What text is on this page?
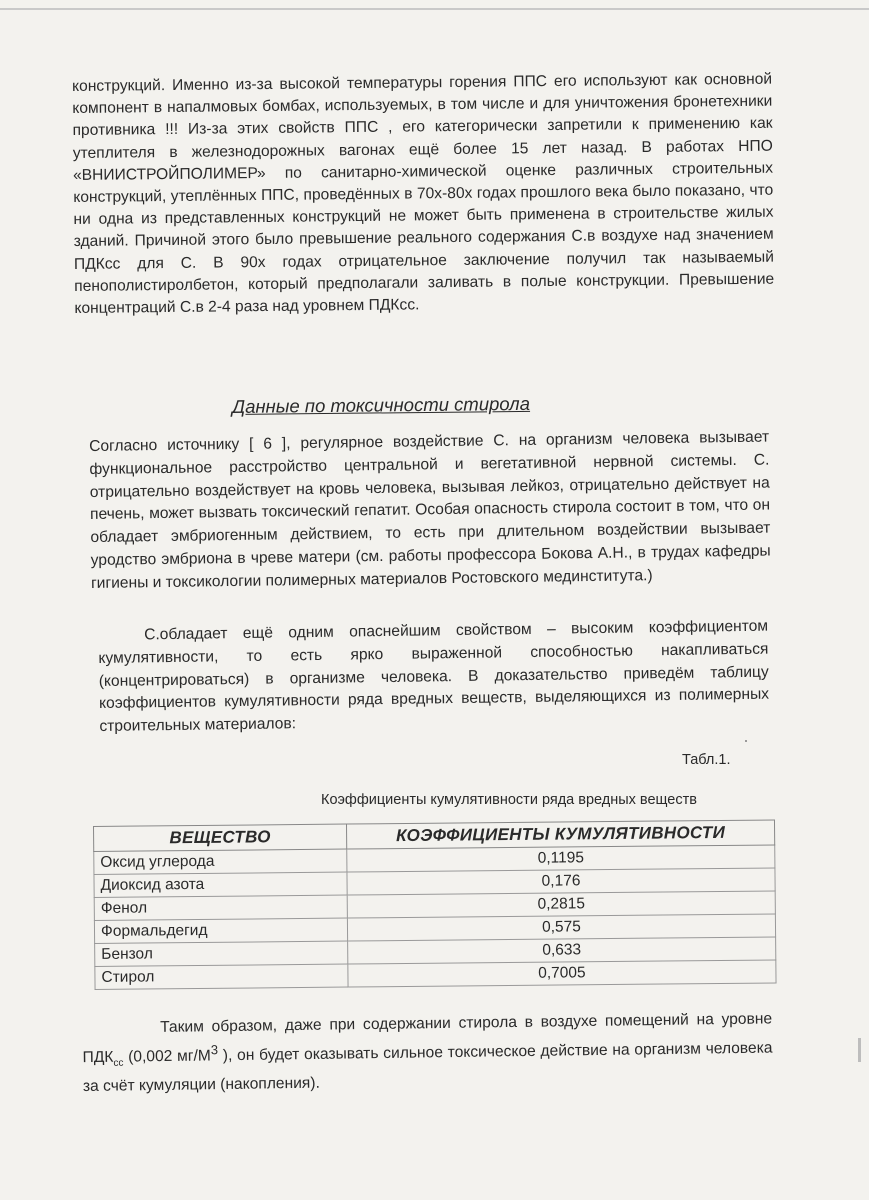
конструкций. Именно из-за высокой температуры горения ППС его используют как основной компонент в напалмовых бомбах, используемых, в том числе и для уничтожения бронетехники противника !!! Из-за этих свойств ППС , его категорически запретили к применению как утеплителя в железнодорожных вагонах ещё более 15 лет назад. В работах НПО «ВНИИСТРОЙПОЛИМЕР» по санитарно-химической оценке различных строительных конструкций, утеплённых ППС, проведённых в 70х-80х годах прошлого века было показано, что ни одна из представленных конструкций не может быть применена в строительстве жилых зданий. Причиной этого было превышение реального содержания С.в воздухе над значением ПДКсс для С. В 90х годах отрицательное заключение получил так называемый пенополистиролбетон, который предполагали заливать в полые конструкции. Превышение концентраций С.в 2-4 раза над уровнем ПДКсс.
Данные по токсичности стирола
Согласно источнику [ 6 ], регулярное воздействие С. на организм человека вызывает функциональное расстройство центральной и вегетативной нервной системы. С. отрицательно воздействует на кровь человека, вызывая лейкоз, отрицательно действует на печень, может вызвать токсический гепатит. Особая опасность стирола состоит в том, что он обладает эмбриогенным действием, то есть при длительном воздействии вызывает уродство эмбриона в чреве матери (см. работы профессора Бокова А.Н., в трудах кафедры гигиены и токсикологии полимерных материалов Ростовского мединститута.)
С.обладает ещё одним опаснейшим свойством – высоким коэффициентом кумулятивности, то есть ярко выраженной способностью накапливаться (концентрироваться) в организме человека. В доказательство приведём таблицу коэффициентов кумулятивности ряда вредных веществ, выделяющихся из полимерных строительных материалов:
Табл.1.
Коэффициенты кумулятивности ряда вредных веществ
ВЕЩЕСТВО	КОЭФФИЦИЕНТЫ КУМУЛЯТИВНОСТИ
Оксид углерода	0,1195
Диоксид азота	0,176
Фенол	0,2815
Формальдегид	0,575
Бензол	0,633
Стирол	0,7005
Таким образом, даже при содержании стирола в воздухе помещений на уровне $ПДК_{сс}$ (0,002 $мг/М^3$ ), он будет оказывать сильное токсическое действие на организм человека за счёт кумуляции (накопления).
